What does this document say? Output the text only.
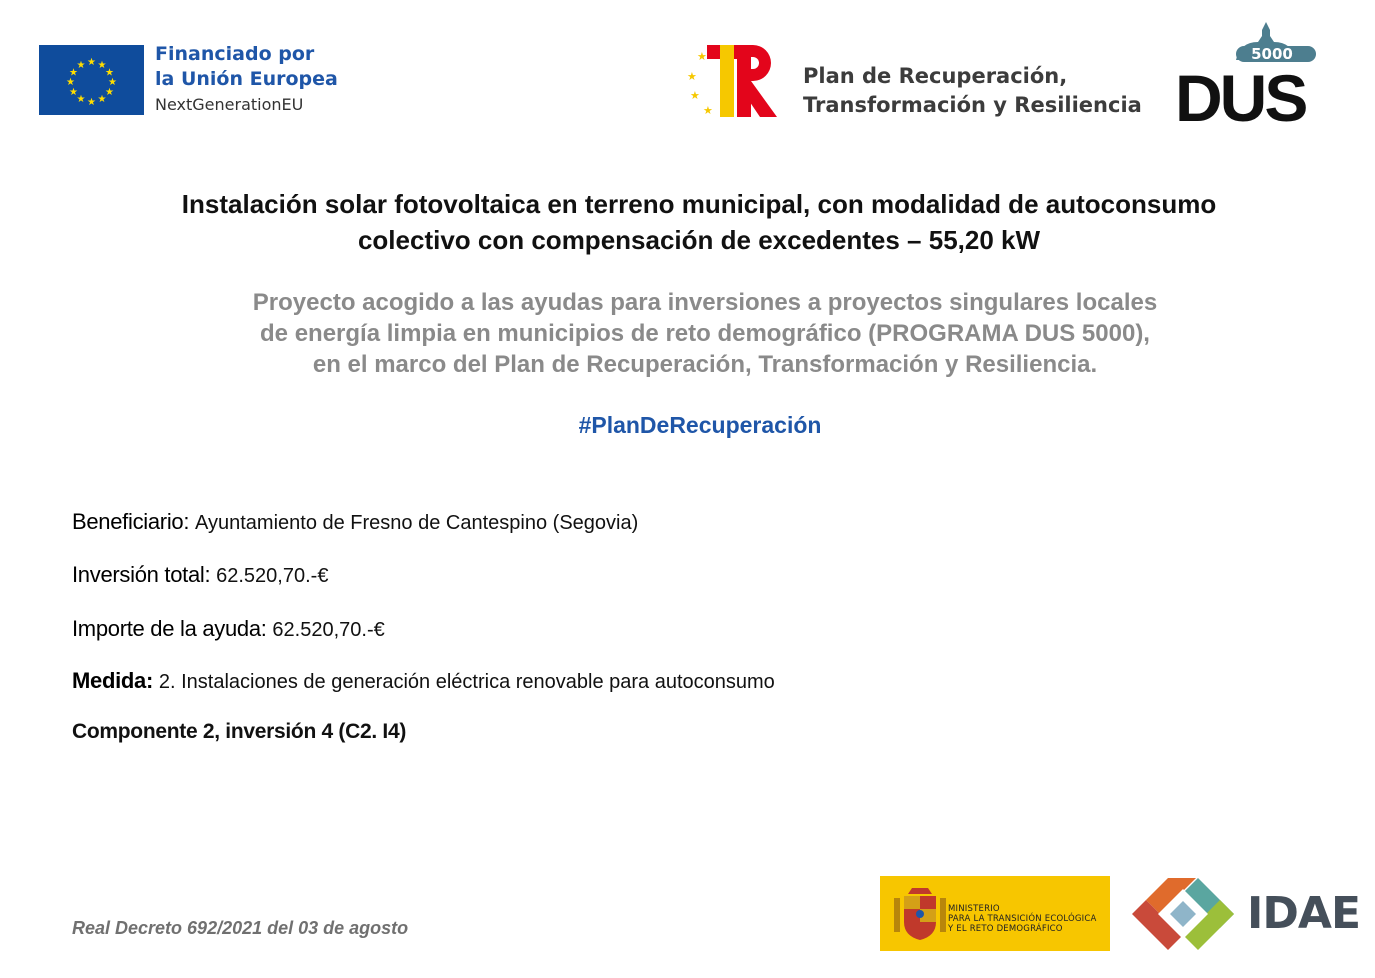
★ ★
★
★
★
★
★
★
★
★
★
★
Financiado por
la Unión Europea
NextGenerationEU
★
★
★
★
Plan de Recuperación,
Transformación y Resiliencia
5000
DUS
Instalación solar fotovoltaica en terreno municipal, con modalidad de autoconsumo
colectivo con compensación de excedentes – 55,20 kW
Proyecto acogido a las ayudas para inversiones a proyectos singulares locales
de energía limpia en municipios de reto demográfico (PROGRAMA DUS 5000),
en el marco del Plan de Recuperación, Transformación y Resiliencia.
#PlanDeRecuperación
Beneficiario: Ayuntamiento de Fresno de Cantespino (Segovia)
Inversión total: 62.520,70.-€
Importe de la ayuda: 62.520,70.-€
Medida: 2. Instalaciones de generación eléctrica renovable para autoconsumo
Componente 2, inversión 4 (C2. I4)
Real Decreto 692/2021 del 03 de agosto
MINISTERIO
PARA LA TRANSICIÓN ECOLÓGICA
Y EL RETO DEMOGRÁFICO	IDAE
